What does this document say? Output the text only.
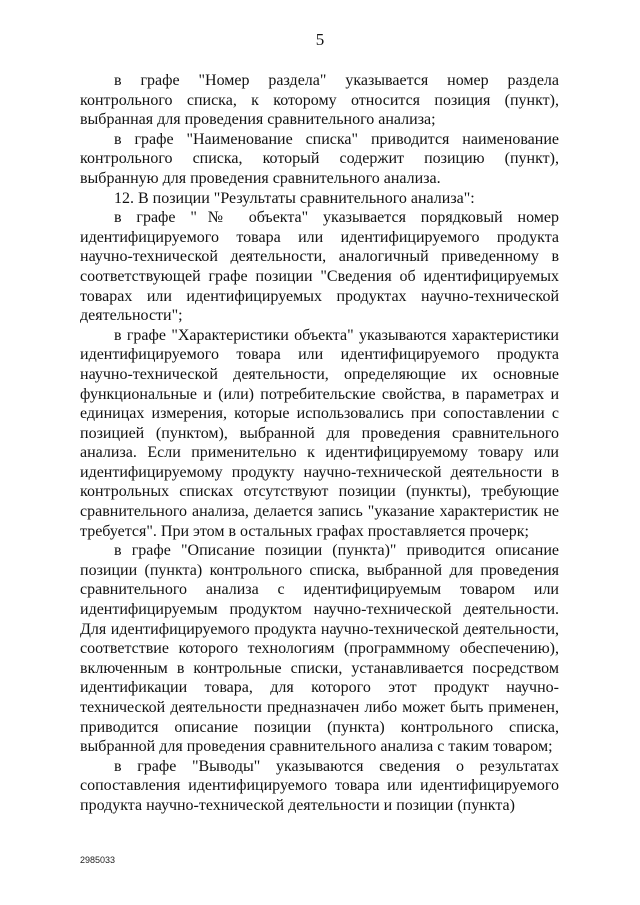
5

в графе "Номер раздела" указывается номер раздела контрольного списка, к которому относится позиция (пункт), выбранная для проведения сравнительного анализа;

в графе "Наименование списка" приводится наименование контрольного списка, который содержит позицию (пункт), выбранную для проведения сравнительного анализа.

12. В позиции "Результаты сравнительного анализа":

в графе "№ объекта" указывается порядковый номер идентифицируемого товара или идентифицируемого продукта научно-технической деятельности, аналогичный приведенному в соответствующей графе позиции "Сведения об идентифицируемых товарах или идентифицируемых продуктах научно-технической деятельности";

в графе "Характеристики объекта" указываются характеристики идентифицируемого товара или идентифицируемого продукта научно-технической деятельности, определяющие их основные функциональные и (или) потребительские свойства, в параметрах и единицах измерения, которые использовались при сопоставлении с позицией (пунктом), выбранной для проведения сравнительного анализа. Если применительно к идентифицируемому товару или идентифицируемому продукту научно-технической деятельности в контрольных списках отсутствуют позиции (пункты), требующие сравнительного анализа, делается запись "указание характеристик не требуется". При этом в остальных графах проставляется прочерк;

в графе "Описание позиции (пункта)" приводится описание позиции (пункта) контрольного списка, выбранной для проведения сравнительного анализа с идентифицируемым товаром или идентифицируемым продуктом научно-технической деятельности. Для идентифицируемого продукта научно-технической деятельности, соответствие которого технологиям (программному обеспечению), включенным в контрольные списки, устанавливается посредством идентификации товара, для которого этот продукт научно-технической деятельности предназначен либо может быть применен, приводится описание позиции (пункта) контрольного списка, выбранной для проведения сравнительного анализа с таким товаром;

в графе "Выводы" указываются сведения о результатах сопоставления идентифицируемого товара или идентифицируемого продукта научно-технической деятельности и позиции (пункта)

2985033
